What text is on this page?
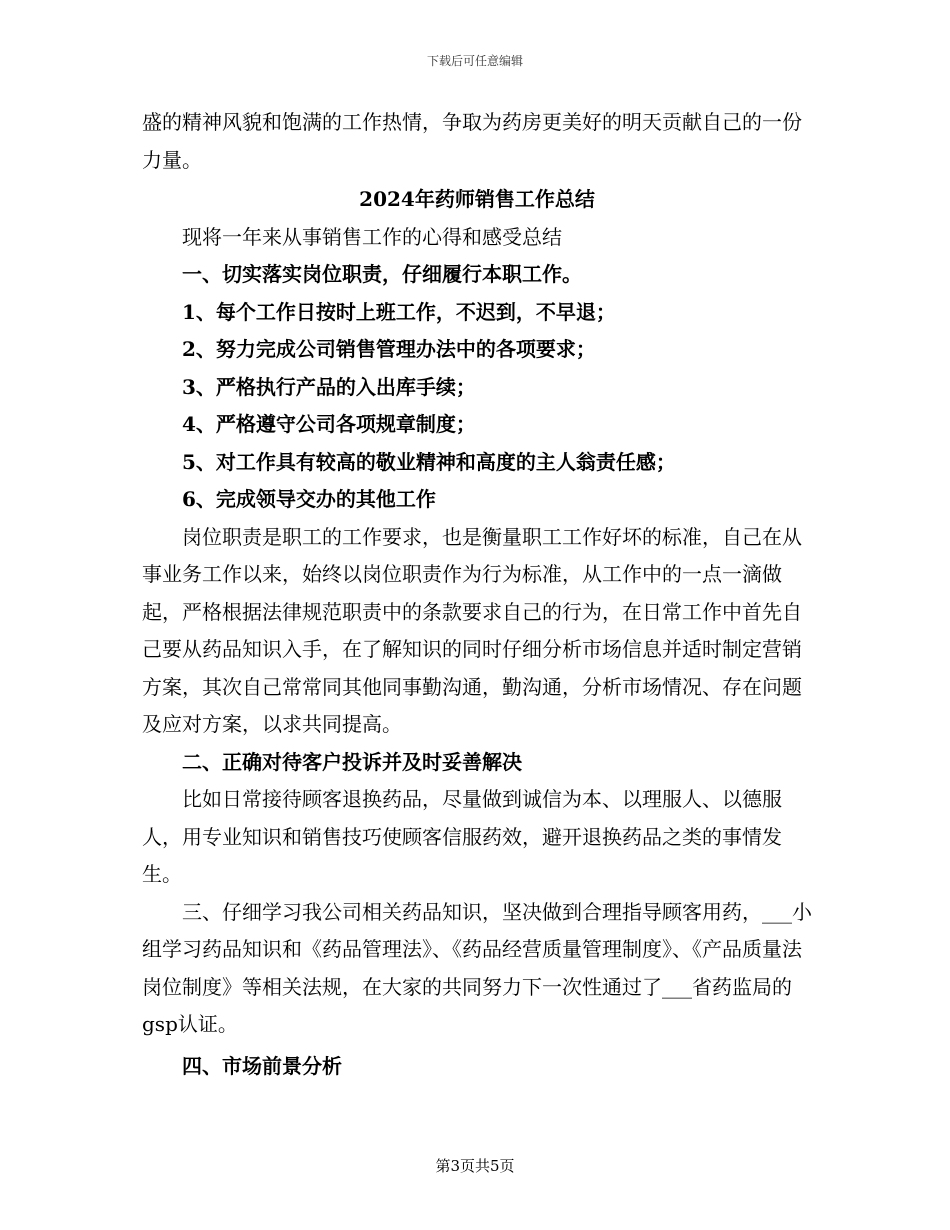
下载后可任意编辑

盛的精神风貌和饱满的工作热情，争取为药房更美好的明天贡献自己的一份力量。

2024年药师销售工作总结

现将一年来从事销售工作的心得和感受总结

一、切实落实岗位职责，仔细履行本职工作。

1、每个工作日按时上班工作，不迟到，不早退；

2、努力完成公司销售管理办法中的各项要求；

3、严格执行产品的入出库手续；

4、严格遵守公司各项规章制度；

5、对工作具有较高的敬业精神和高度的主人翁责任感；

6、完成领导交办的其他工作

岗位职责是职工的工作要求，也是衡量职工工作好坏的标准，自己在从事业务工作以来，始终以岗位职责作为行为标准，从工作中的一点一滴做起，严格根据法律规范职责中的条款要求自己的行为，在日常工作中首先自己要从药品知识入手，在了解知识的同时仔细分析市场信息并适时制定营销方案，其次自己常常同其他同事勤沟通，勤沟通，分析市场情况、存在问题及应对方案，以求共同提高。

二、正确对待客户投诉并及时妥善解决

比如日常接待顾客退换药品，尽量做到诚信为本、以理服人、以德服人，用专业知识和销售技巧使顾客信服药效，避开退换药品之类的事情发生。

三、仔细学习我公司相关药品知识，坚决做到合理指导顾客用药，___小组学习药品知识和《药品管理法》、《药品经营质量管理制度》、《产品质量法岗位制度》等相关法规，在大家的共同努力下一次性通过了___省药监局的gsp认证。

四、市场前景分析

第3页共5页
